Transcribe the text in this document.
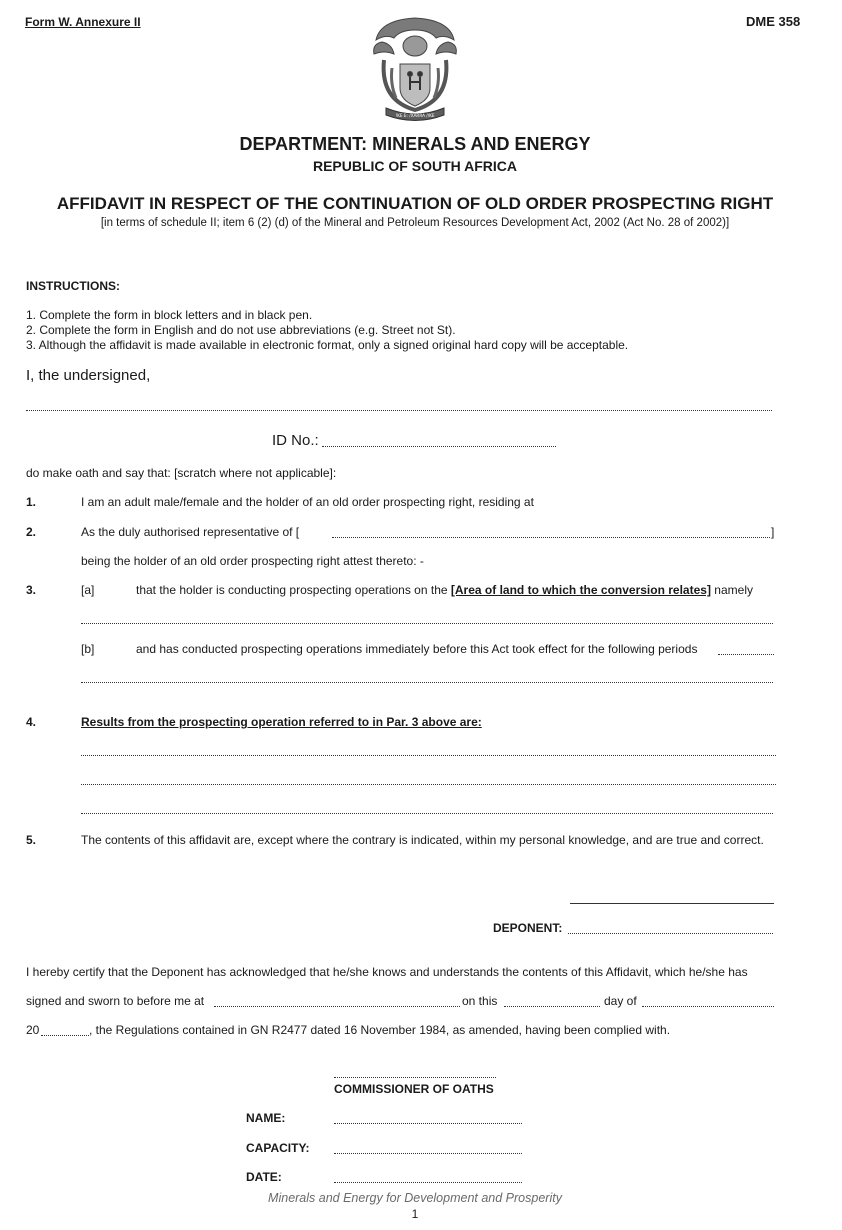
Form W. Annexure II	DME 358
!KE E: /XARRA //KE
DEPARTMENT: MINERALS AND ENERGY
REPUBLIC OF SOUTH AFRICA
AFFIDAVIT IN RESPECT OF THE CONTINUATION OF OLD ORDER PROSPECTING RIGHT
[in terms of schedule II; item 6 (2) (d) of the Mineral and Petroleum Resources Development Act, 2002 (Act No. 28 of 2002)]
INSTRUCTIONS:
1. Complete the form in block letters and in black pen.
2. Complete the form in English and do not use abbreviations (e.g. Street not St).
3. Although the affidavit is made available in electronic format, only a signed original hard copy will be acceptable.
I, the undersigned,
ID No.:
do make oath and say that: [scratch where not applicable]:
1.	I am an adult male/female and the holder of an old order prospecting right, residing at
2.	As the duly authorised representative of [	]
being the holder of an old order prospecting right attest thereto: -
3.	[a]	that the holder is conducting prospecting operations on the [Area of land to which the conversion relates] namely
[b]	and has conducted prospecting operations immediately before this Act took effect for the following periods
4.	Results from the prospecting operation referred to in Par. 3 above are:
5.	The contents of this affidavit are, except where the contrary is indicated, within my personal knowledge, and are true and correct.
DEPONENT:
I hereby certify that the Deponent has acknowledged that he/she knows and understands the contents of this Affidavit, which he/she has
signed and sworn to before me at	on this	day of
20	, the Regulations contained in GN R2477 dated 16 November 1984, as amended, having been complied with.
COMMISSIONER OF OATHS
NAME:
CAPACITY:
DATE:
Minerals and Energy for Development and Prosperity
1
